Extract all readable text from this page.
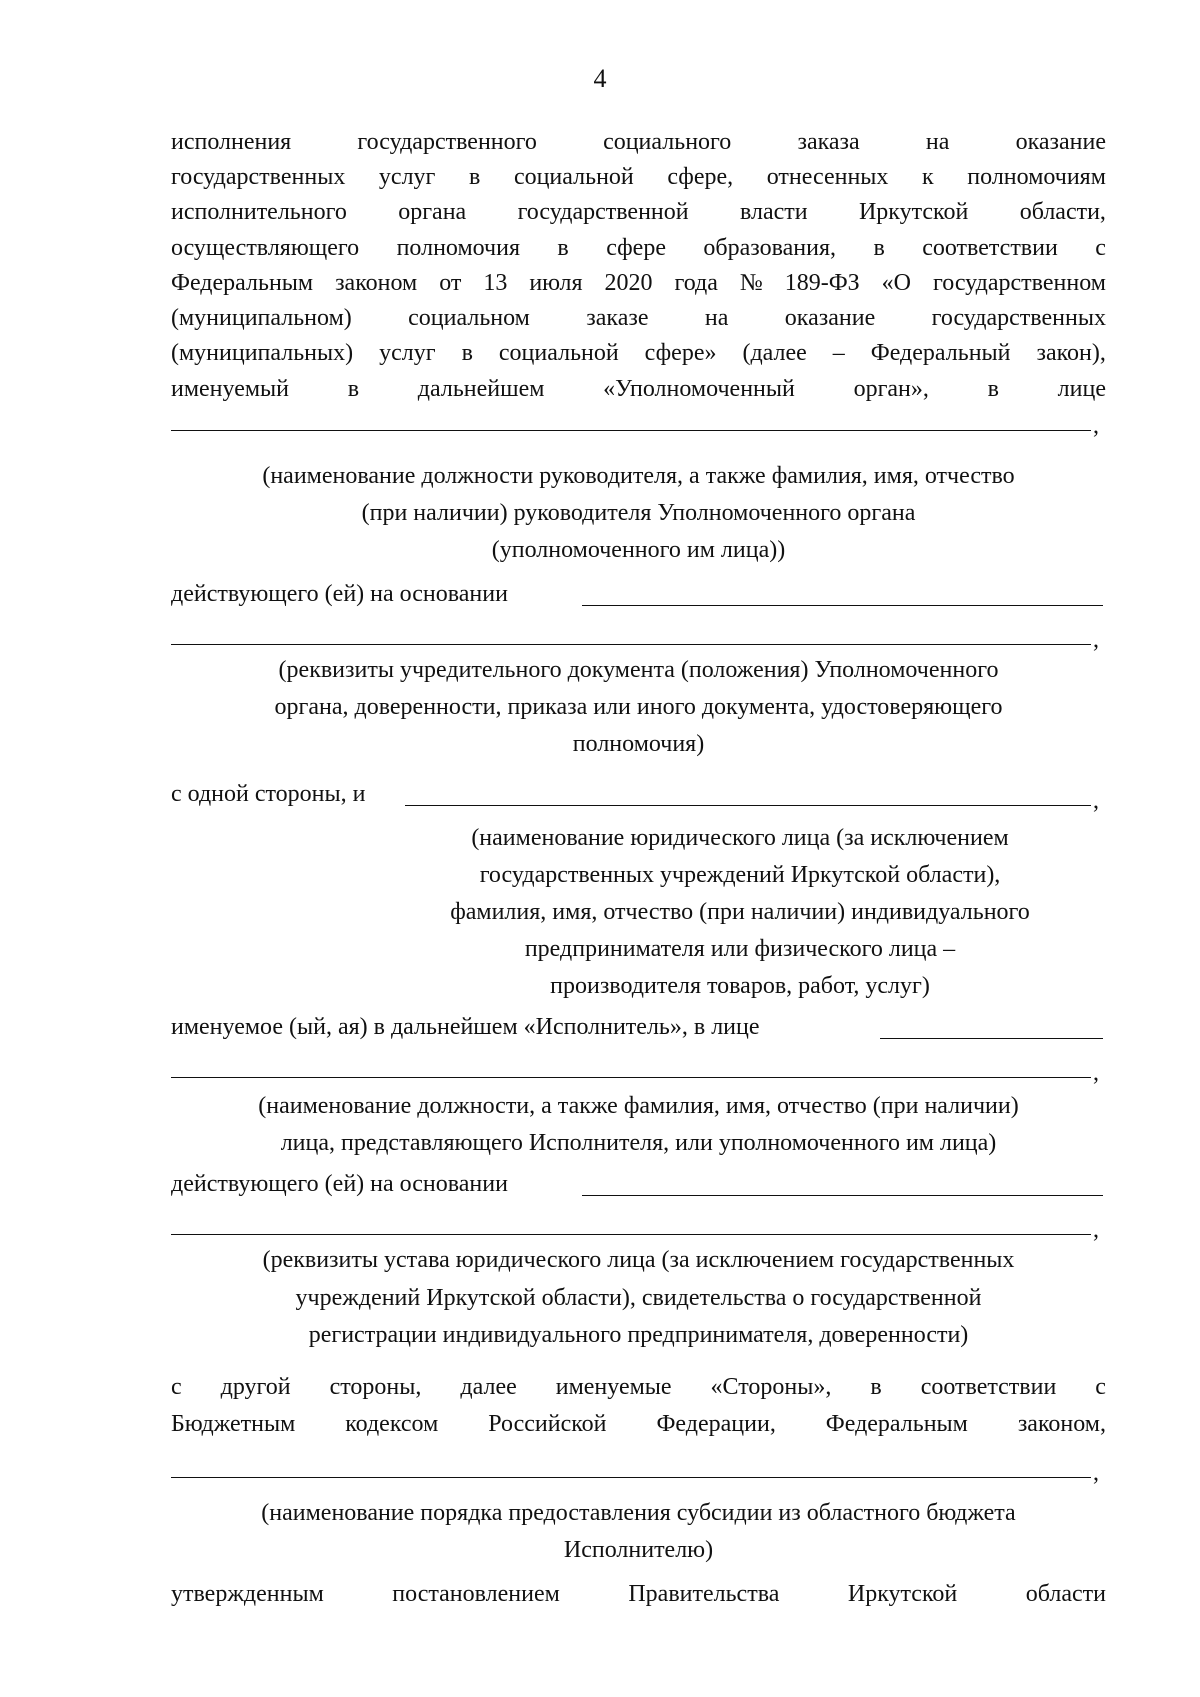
4
исполнения	государственного	социального	заказа	на	оказание
государственных услуг в социальной сфере, отнесенных к полномочиям
исполнительного органа государственной власти Иркутской области,
осуществляющего полномочия в сфере образования, в соответствии с
Федеральным законом от 13 июля 2020 года № 189-ФЗ «О государственном
(муниципальном) социальном заказе на оказание государственных
(муниципальных) услуг в социальной сфере» (далее – Федеральный закон),
именуемый в дальнейшем «Уполномоченный орган», в лице
,
(наименование должности руководителя, а также фамилия, имя, отчество
(при наличии) руководителя Уполномоченного органа
(уполномоченного им лица))
действующего (ей) на основании
,
(реквизиты учредительного документа (положения) Уполномоченного
органа, доверенности, приказа или иного документа, удостоверяющего
полномочия)
с одной стороны, и	,
(наименование юридического лица (за исключением
государственных учреждений Иркутской области),
фамилия, имя, отчество (при наличии) индивидуального
предпринимателя или физического лица –
производителя товаров, работ, услуг)
именуемое (ый, ая) в дальнейшем «Исполнитель», в лице
,
(наименование должности, а также фамилия, имя, отчество (при наличии)
лица, представляющего Исполнителя, или уполномоченного им лица)
действующего (ей) на основании
,
(реквизиты устава юридического лица (за исключением государственных
учреждений Иркутской области), свидетельства о государственной
регистрации индивидуального предпринимателя, доверенности)
с другой стороны, далее именуемые «Стороны», в соответствии с
Бюджетным кодексом Российской Федерации, Федеральным законом,
,
(наименование порядка предоставления субсидии из областного бюджета
Исполнителю)
утвержденным	постановлением	Правительства	Иркутской	области
